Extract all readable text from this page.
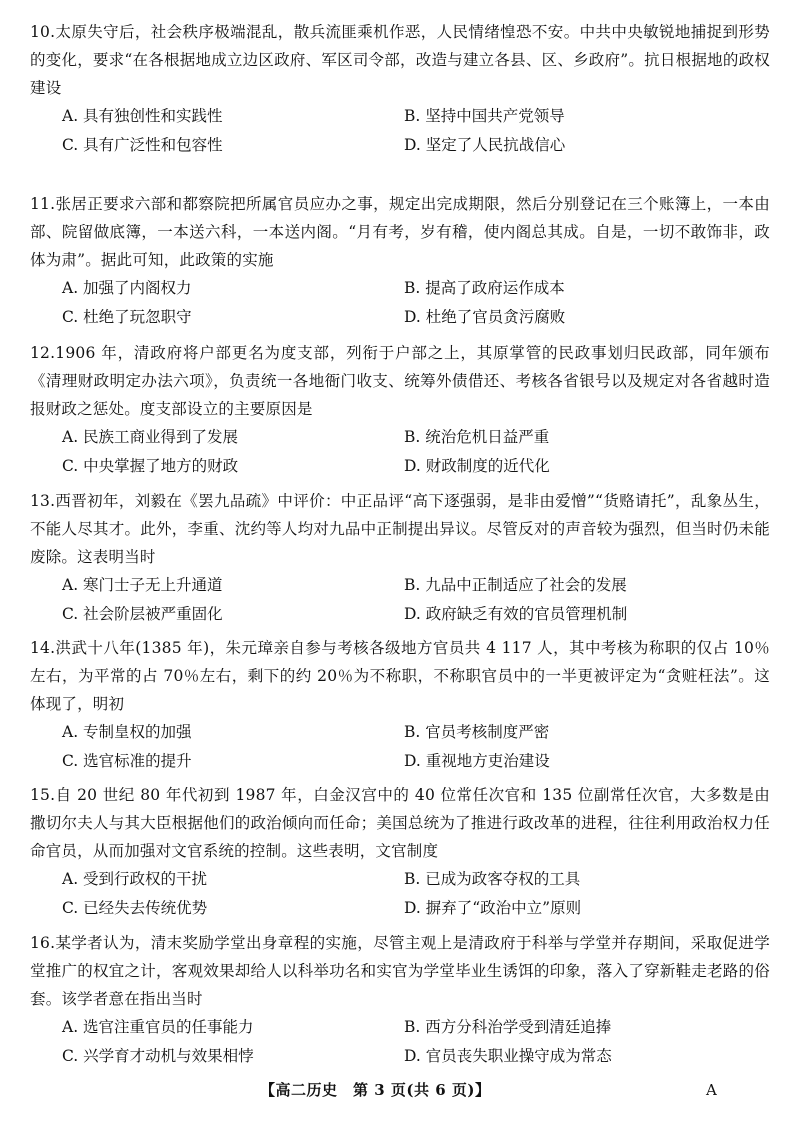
10.太原失守后，社会秩序极端混乱，散兵流匪乘机作恶，人民情绪惶恐不安。中共中央敏锐地捕捉到形势的变化，要求“在各根据地成立边区政府、军区司令部，改造与建立各县、区、乡政府”。抗日根据地的政权建设
A. 具有独创性和实践性	B. 坚持中国共产党领导
C. 具有广泛性和包容性	D. 坚定了人民抗战信心
11.张居正要求六部和都察院把所属官员应办之事，规定出完成期限，然后分别登记在三个账簿上，一本由部、院留做底簿，一本送六科，一本送内阁。“月有考，岁有稽，使内阁总其成。自是，一切不敢饰非，政体为肃”。据此可知，此政策的实施
A. 加强了内阁权力	B. 提高了政府运作成本
C. 杜绝了玩忽职守	D. 杜绝了官员贪污腐败
12.1906 年，清政府将户部更名为度支部，列衔于户部之上，其原掌管的民政事划归民政部，同年颁布《清理财政明定办法六项》，负责统一各地衙门收支、统筹外债借还、考核各省银号以及规定对各省越时造报财政之惩处。度支部设立的主要原因是
A. 民族工商业得到了发展	B. 统治危机日益严重
C. 中央掌握了地方的财政	D. 财政制度的近代化
13.西晋初年，刘毅在《罢九品疏》中评价：中正品评“高下逐强弱，是非由爱憎”“货赂请托”，乱象丛生，不能人尽其才。此外，李重、沈约等人均对九品中正制提出异议。尽管反对的声音较为强烈，但当时仍未能废除。这表明当时
A. 寒门士子无上升通道	B. 九品中正制适应了社会的发展
C. 社会阶层被严重固化	D. 政府缺乏有效的官员管理机制
14.洪武十八年(1385 年)，朱元璋亲自参与考核各级地方官员共 4 117 人，其中考核为称职的仅占 10％左右，为平常的占 70％左右，剩下的约 20％为不称职，不称职官员中的一半更被评定为“贪赃枉法”。这体现了，明初
A. 专制皇权的加强	B. 官员考核制度严密
C. 选官标准的提升	D. 重视地方吏治建设
15.自 20 世纪 80 年代初到 1987 年，白金汉宫中的 40 位常任次官和 135 位副常任次官，大多数是由撒切尔夫人与其大臣根据他们的政治倾向而任命；美国总统为了推进行政改革的进程，往往利用政治权力任命官员，从而加强对文官系统的控制。这些表明，文官制度
A. 受到行政权的干扰	B. 已成为政客夺权的工具
C. 已经失去传统优势	D. 摒弃了“政治中立”原则
16.某学者认为，清末奖励学堂出身章程的实施，尽管主观上是清政府于科举与学堂并存期间，采取促进学堂推广的权宜之计，客观效果却给人以科举功名和实官为学堂毕业生诱饵的印象，落入了穿新鞋走老路的俗套。该学者意在指出当时
A. 选官注重官员的任事能力	B. 西方分科治学受到清廷追捧
C. 兴学育才动机与效果相悖	D. 官员丧失职业操守成为常态
【高二历史　第 3 页(共 6 页)】	A
